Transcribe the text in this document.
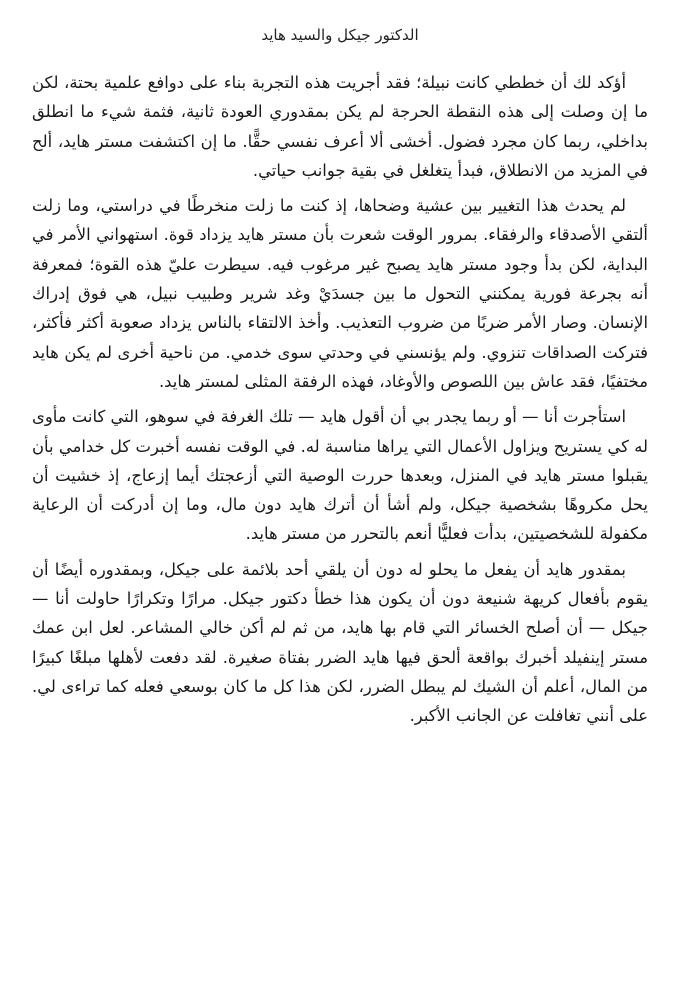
الدكتور جيكل والسيد هايد

أؤكد لك أن خططي كانت نبيلة؛ فقد أجريت هذه التجربة بناء على دوافع علمية بحتة، لكن ما إن وصلت إلى هذه النقطة الحرجة لم يكن بمقدوري العودة ثانية، فثمة شيء ما انطلق بداخلي، ربما كان مجرد فضول. أخشى ألا أعرف نفسي حقًّا. ما إن اكتشفت مستر هايد، ألح في المزيد من الانطلاق، فبدأ يتغلغل في بقية جوانب حياتي.

لم يحدث هذا التغيير بين عشية وضحاها، إذ كنت ما زلت منخرطًا في دراستي، وما زلت ألتقي الأصدقاء والرفقاء. بمرور الوقت شعرت بأن مستر هايد يزداد قوة. استهواني الأمر في البداية، لكن بدأ وجود مستر هايد يصبح غير مرغوب فيه. سيطرت عليّ هذه القوة؛ فمعرفة أنه بجرعة فورية يمكنني التحول ما بين جسدَيْ وغد شرير وطبيب نبيل، هي فوق إدراك الإنسان. وصار الأمر ضربًا من ضروب التعذيب. وأخذ الالتقاء بالناس يزداد صعوبة أكثر فأكثر، فتركت الصداقات تنزوي. ولم يؤنسني في وحدتي سوى خدمي. من ناحية أخرى لم يكن هايد مختفيًا، فقد عاش بين اللصوص والأوغاد، فهذه الرفقة المثلى لمستر هايد.

استأجرت أنا — أو ربما يجدر بي أن أقول هايد — تلك الغرفة في سوهو، التي كانت مأوى له كي يستريح ويزاول الأعمال التي يراها مناسبة له. في الوقت نفسه أخبرت كل خدامي بأن يقبلوا مستر هايد في المنزل، وبعدها حررت الوصية التي أزعجتك أيما إزعاج، إذ خشيت أن يحل مكروهًا بشخصية جيكل، ولم أشأ أن أترك هايد دون مال، وما إن أدركت أن الرعاية مكفولة للشخصيتين، بدأت فعليًّا أنعم بالتحرر من مستر هايد.

بمقدور هايد أن يفعل ما يحلو له دون أن يلقي أحد بلائمة على جيكل، وبمقدوره أيضًا أن يقوم بأفعال كريهة شنيعة دون أن يكون هذا خطأ دكتور جيكل. مرارًا وتكرارًا حاولت أنا — جيكل — أن أصلح الخسائر التي قام بها هايد، من ثم لم أكن خالي المشاعر. لعل ابن عمك مستر إينفيلد أخبرك بواقعة ألحق فيها هايد الضرر بفتاة صغيرة. لقد دفعت لأهلها مبلغًا كبيرًا من المال، أعلم أن الشيك لم يبطل الضرر، لكن هذا كل ما كان بوسعي فعله كما تراءى لي. على أنني تغافلت عن الجانب الأكبر.
